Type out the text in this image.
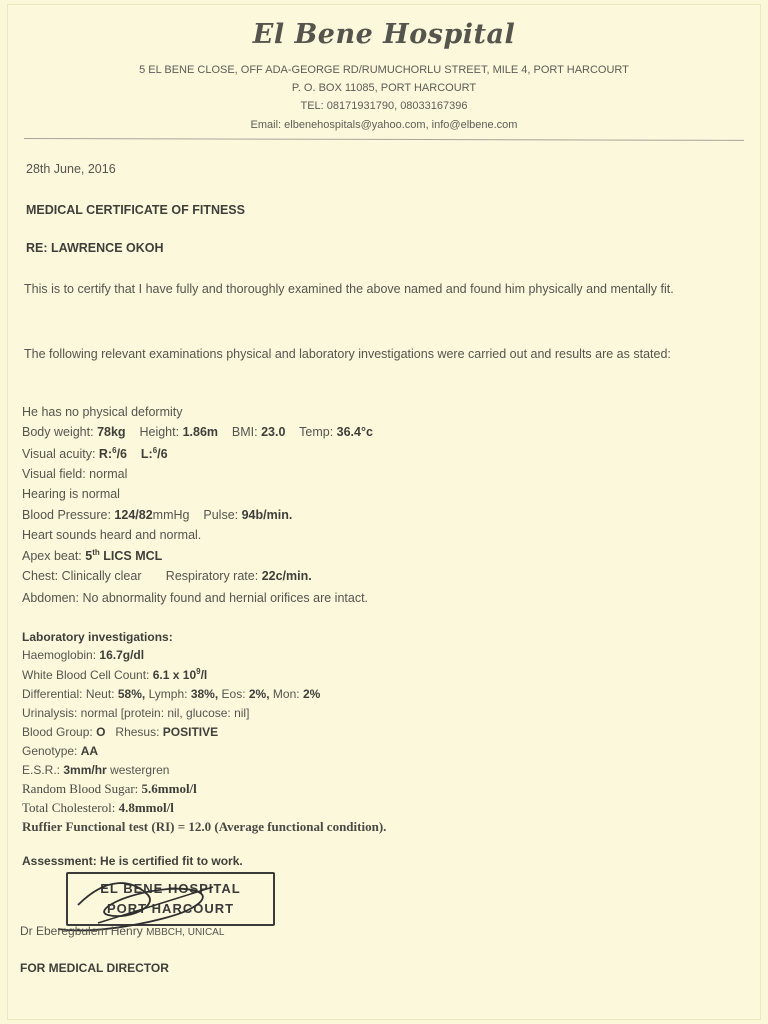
El Bene Hospital
5 EL BENE CLOSE, OFF ADA-GEORGE RD/RUMUCHORLU STREET, MILE 4, PORT HARCOURT
P. O. BOX 11085, PORT HARCOURT
TEL: 08171931790, 08033167396
Email: elbenehospitals@yahoo.com, info@elbene.com
28th June, 2016
MEDICAL CERTIFICATE OF FITNESS
RE: LAWRENCE OKOH
This is to certify that I have fully and thoroughly examined the above named and found him physically and mentally fit.
The following relevant examinations physical and laboratory investigations were carried out and results are as stated:
He has no physical deformity
Body weight: 78kg Height: 1.86m BMI: 23.0 Temp: 36.4°c
Visual acuity: R:$^6$/6 L:$^6$/6
Visual field: normal
Hearing is normal
Blood Pressure: 124/82mmHg Pulse: 94b/min.
Heart sounds heard and normal.
Apex beat: 5th LICS MCL
Chest: Clinically clear Respiratory rate: 22c/min.
Abdomen: No abnormality found and hernial orifices are intact.
Laboratory investigations:
Haemoglobin: 16.7g/dl
White Blood Cell Count: 6.1 x $10^9/l$
Differential: Neut: 58%, Lymph: 38%, Eos: 2%, Mon: 2%
Urinalysis: normal [protein: nil, glucose: nil]
Blood Group: O Rhesus: POSITIVE
Genotype: AA
E.S.R.: 3mm/hr westergren
Random Blood Sugar: 5.6mmol/l
Total Cholesterol: 4.8mmol/l
Ruffier Functional test (RI) = 12.0 (Average functional condition).
Assessment: He is certified fit to work.
EL BENE HOSPITAL
PORT HARCOURT
Dr Eberegbulem Henry MBBCH, UNICAL
FOR MEDICAL DIRECTOR
